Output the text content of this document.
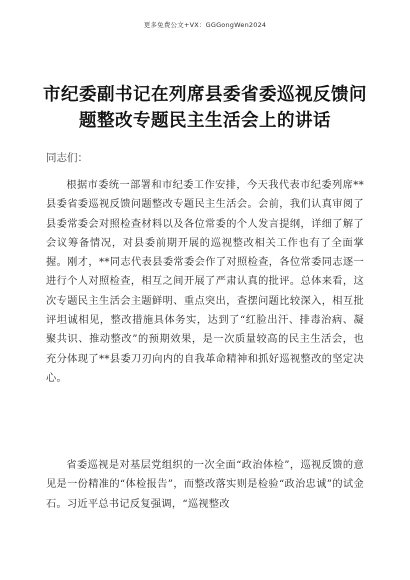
更多免费公文+VX：GGGongWen2024
市纪委副书记在列席县委省委巡视反馈问题整改专题民主生活会上的讲话
同志们：

根据市委统一部署和市纪委工作安排，今天我代表市纪委列席**县委省委巡视反馈问题整改专题民主生活会。会前，我们认真审阅了县委常委会对照检查材料以及各位常委的个人发言提纲，详细了解了会议筹备情况，对县委前期开展的巡视整改相关工作也有了全面掌握。刚才，**同志代表县委常委会作了对照检查，各位常委同志逐一进行个人对照检查，相互之间开展了严肃认真的批评。总体来看，这次专题民主生活会主题鲜明、重点突出，查摆问题比较深入，相互批评坦诚相见，整改措施具体务实，达到了“红脸出汗、排毒治病、凝聚共识、推动整改”的预期效果，是一次质量较高的民主生活会，也充分体现了**县委刀刃向内的自我革命精神和抓好巡视整改的坚定决心。

省委巡视是对基层党组织的一次全面“政治体检”，巡视反馈的意见是一份精准的“体检报告”，而整改落实则是检验“政治忠诚”的试金石。习近平总书记反复强调，“巡视整改
